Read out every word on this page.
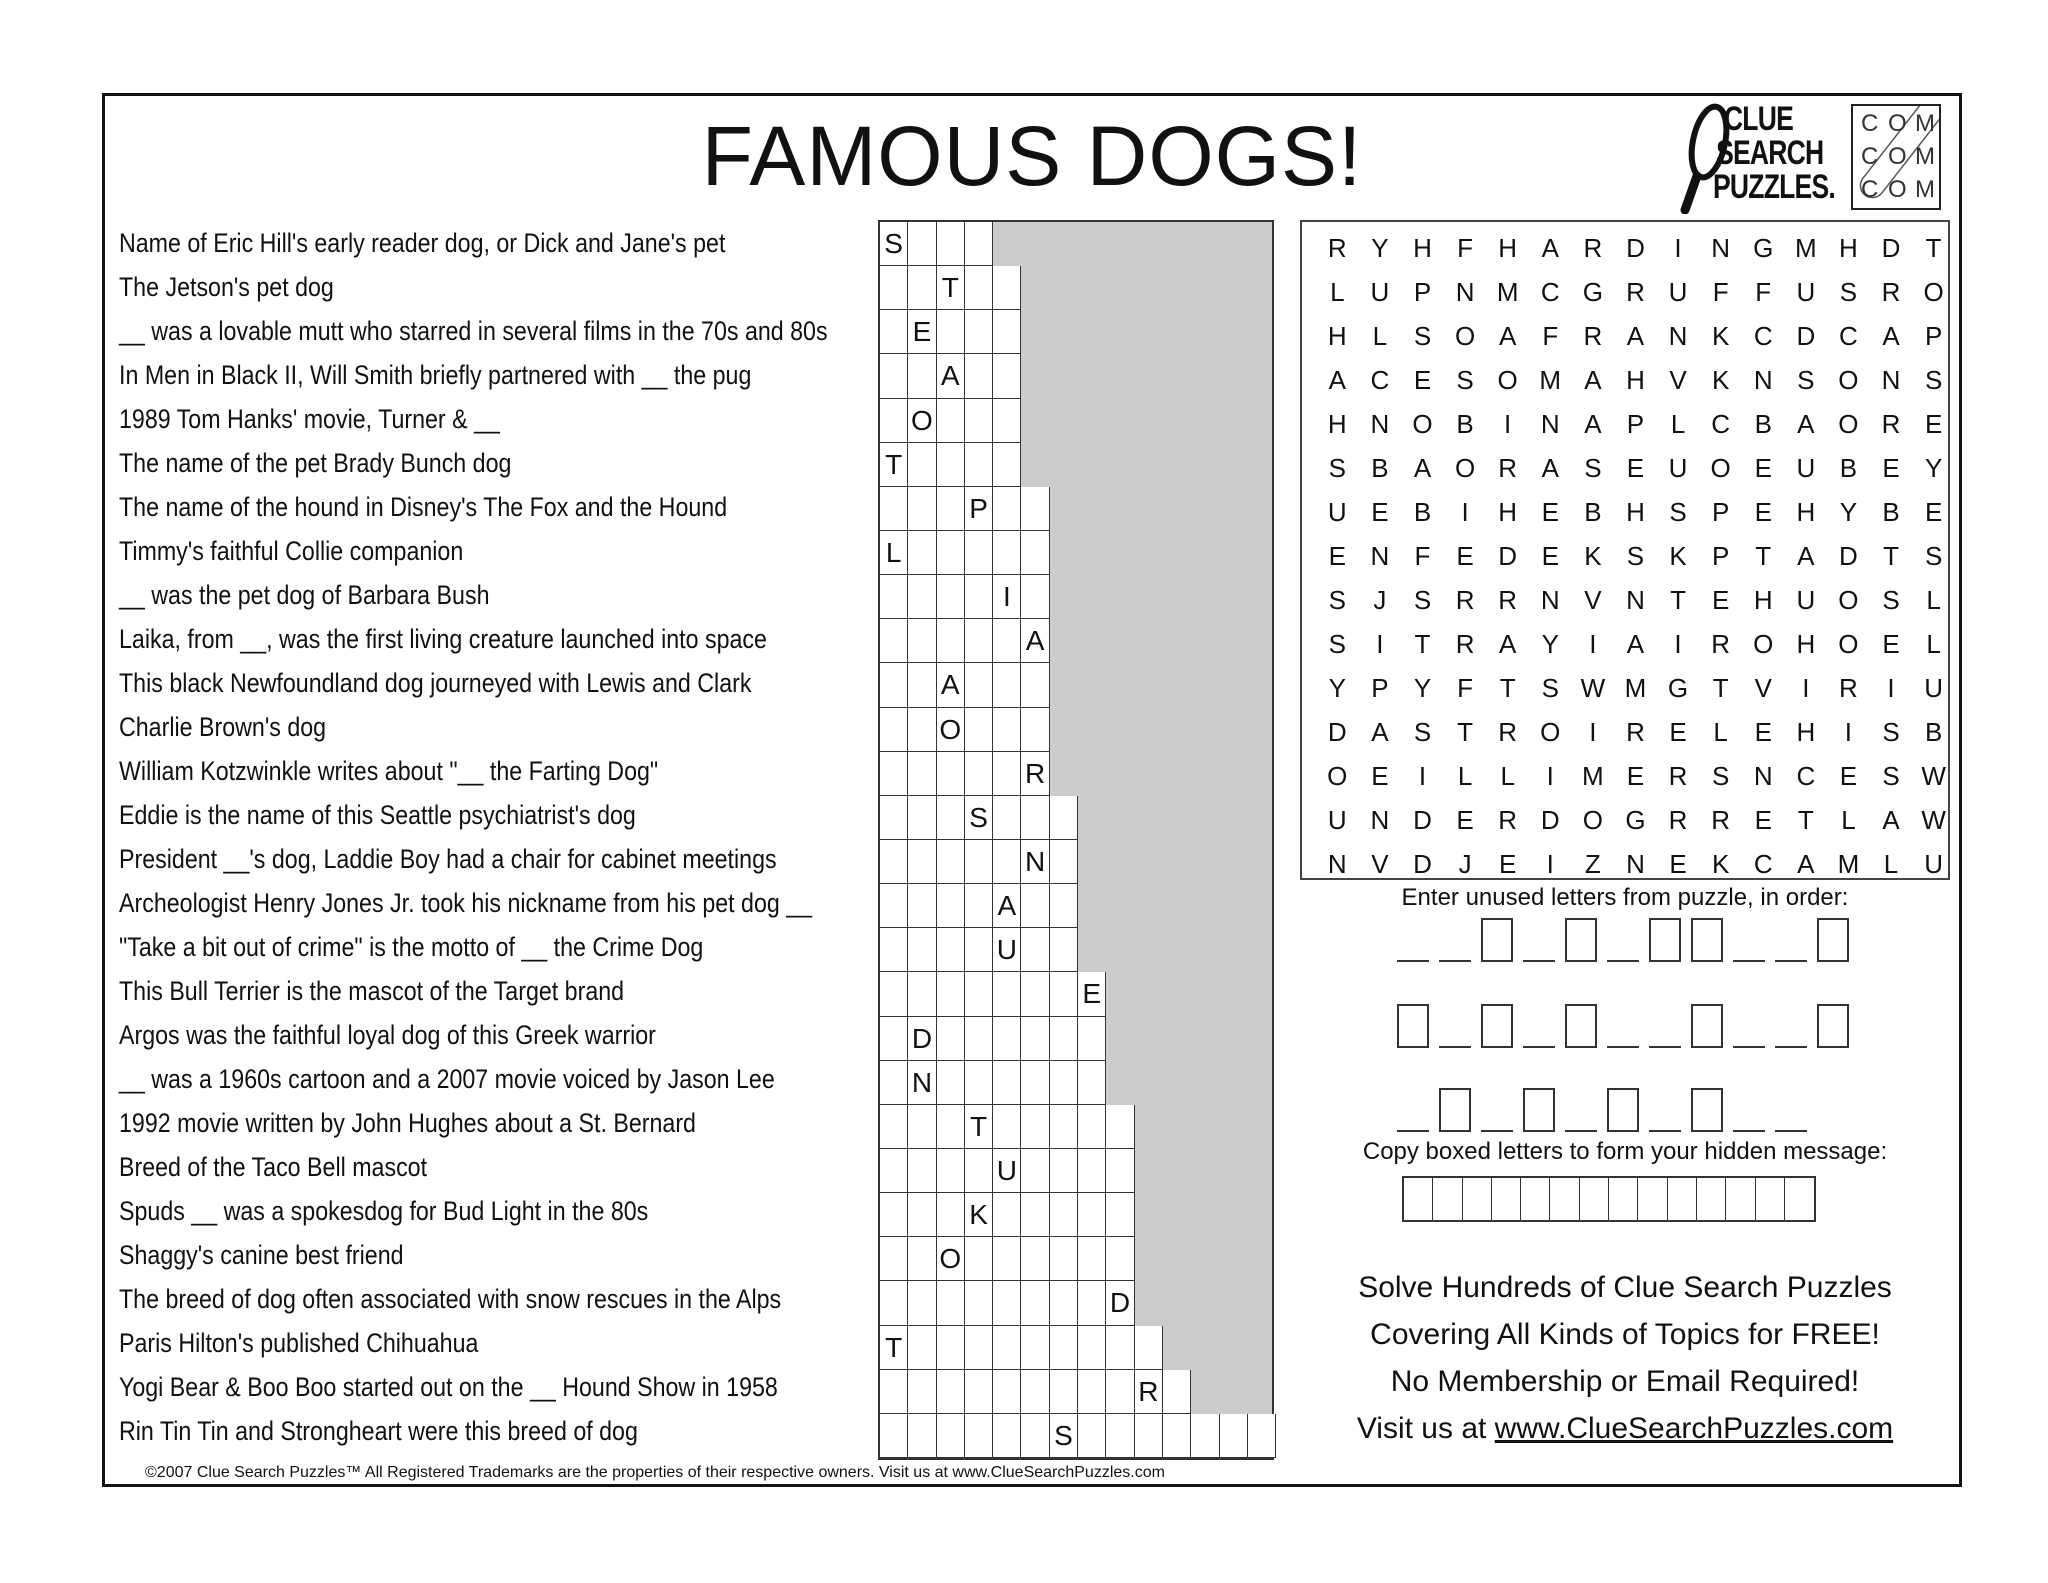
FAMOUS DOGS!	CLUE
SEARCH
PUZZLES.
C O M
C O M
C O M
Name of Eric Hill's early reader dog, or Dick and Jane's pet
The Jetson's pet dog
__ was a lovable mutt who starred in several films in the 70s and 80s
In Men in Black II, Will Smith briefly partnered with __ the pug
1989 Tom Hanks' movie, Turner & __
The name of the pet Brady Bunch dog
The name of the hound in Disney's The Fox and the Hound
Timmy's faithful Collie companion
__ was the pet dog of Barbara Bush
Laika, from __, was the first living creature launched into space
This black Newfoundland dog journeyed with Lewis and Clark
Charlie Brown's dog
William Kotzwinkle writes about "__ the Farting Dog"
Eddie is the name of this Seattle psychiatrist's dog
President __'s dog, Laddie Boy had a chair for cabinet meetings
Archeologist Henry Jones Jr. took his nickname from his pet dog __
"Take a bit out of crime" is the motto of __ the Crime Dog
This Bull Terrier is the mascot of the Target brand
Argos was the faithful loyal dog of this Greek warrior
__ was a 1960s cartoon and a 2007 movie voiced by Jason Lee
1992 movie written by John Hughes about a St. Bernard
Breed of the Taco Bell mascot
Spuds __ was a spokesdog for Bud Light in the 80s
Shaggy's canine best friend
The breed of dog often associated with snow rescues in the Alps
Paris Hilton's published Chihuahua
Yogi Bear & Boo Boo started out on the __ Hound Show in 1958
Rin Tin Tin and Strongheart were this breed of dog
S
T
E
A
O
T
P
L
I
A
A
O
R
S
N
A
U
E
D
N
T
U
K
O
D
T
R
S
R Y H F H A R D	I	N G M H D T
L U P N M C G R U F	F U S R O
H L	S O A F R A N K C D C A P
A C E S O M A H V K N S O N S
H N O B	I	N A P	L C B A O R E
S B A O R A S E U O E U B E Y
U E B	I	H E B H S P E H Y B E
E N F E D E K S K P T A D T S
S	J	S R R N V N T E H U O S	L
S	I	T R A Y	I	A	I	R O H O E	L
Y P Y F	T S W M G T V	I	R	I	U
D A S T R O	I	R E	L	E H	I	S B
O E	I	L	L	I	M E R S N C E S W
U N D E R D O G R R E T	L	A W
N V D	J	E	I	Z N E K C A M L U
Enter unused letters from puzzle, in order:
Copy boxed letters to form your hidden message:
Solve Hundreds of Clue Search Puzzles
Covering All Kinds of Topics for FREE!
No Membership or Email Required!
Visit us at www.ClueSearchPuzzles.com
©2007 Clue Search Puzzles™ All Registered Trademarks are the properties of their respective owners. Visit us at www.ClueSearchPuzzles.com
